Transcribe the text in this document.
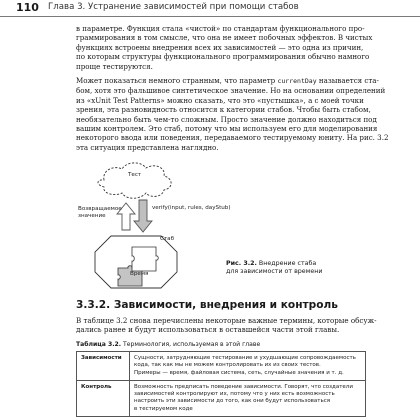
110 Глава 3. Устранение зависимостей при помощи стабов
в параметре. Функция стала «чистой» по стандартам функционального про-
граммирования в том смысле, что она не имеет побочных эффектов. В чистых
функциях встроены внедрения всех их зависимостей — это одна из причин,
по которым структуры функционального программирования обычно намного
проще тестируются.
Может показаться немного странным, что параметр currentDay называется ста-
бом, хотя это фальшивое синтетическое значение. Но на основании определений
из «xUnit Test Patterns» можно сказать, что это «пустышка», а с моей точки
зрения, эта разновидность относится к категории стабов. Чтобы быть стабом,
необязательно быть чем-то сложным. Просто значение должно находиться под
вашим контролем. Это стаб, потому что мы используем его для моделирования
некоторого ввода или поведения, передаваемого тестируемому юниту. На рис. 3.2
эта ситуация представлена наглядно.
Тест
Возвращаемое
значение
verify(input, rules, dayStub)
Стаб
Время
Рис. 3.2. Внедрение стаба
для зависимости от времени
3.3.2. Зависимости, внедрения и контроль
В таблице 3.2 снова перечислены некоторые важные термины, которые обсуж-
дались ранее и будут использоваться в оставшейся части этой главы.
Таблица 3.2. Терминология, используемая в этой главе
Зависимости	Сущности, затрудняющие тестирование и ухудшающие сопровождаемость
кода, так как мы не можем контролировать их из своих тестов.
Примеры — время, файловая система, сеть, случайные значения и т. д.

Контроль	Возможность предписать поведение зависимости. Говорят, что создатели
зависимостей контролируют их, потому что у них есть возможность
настроить эти зависимости до того, как они будут использоваться
в тестируемом коде
